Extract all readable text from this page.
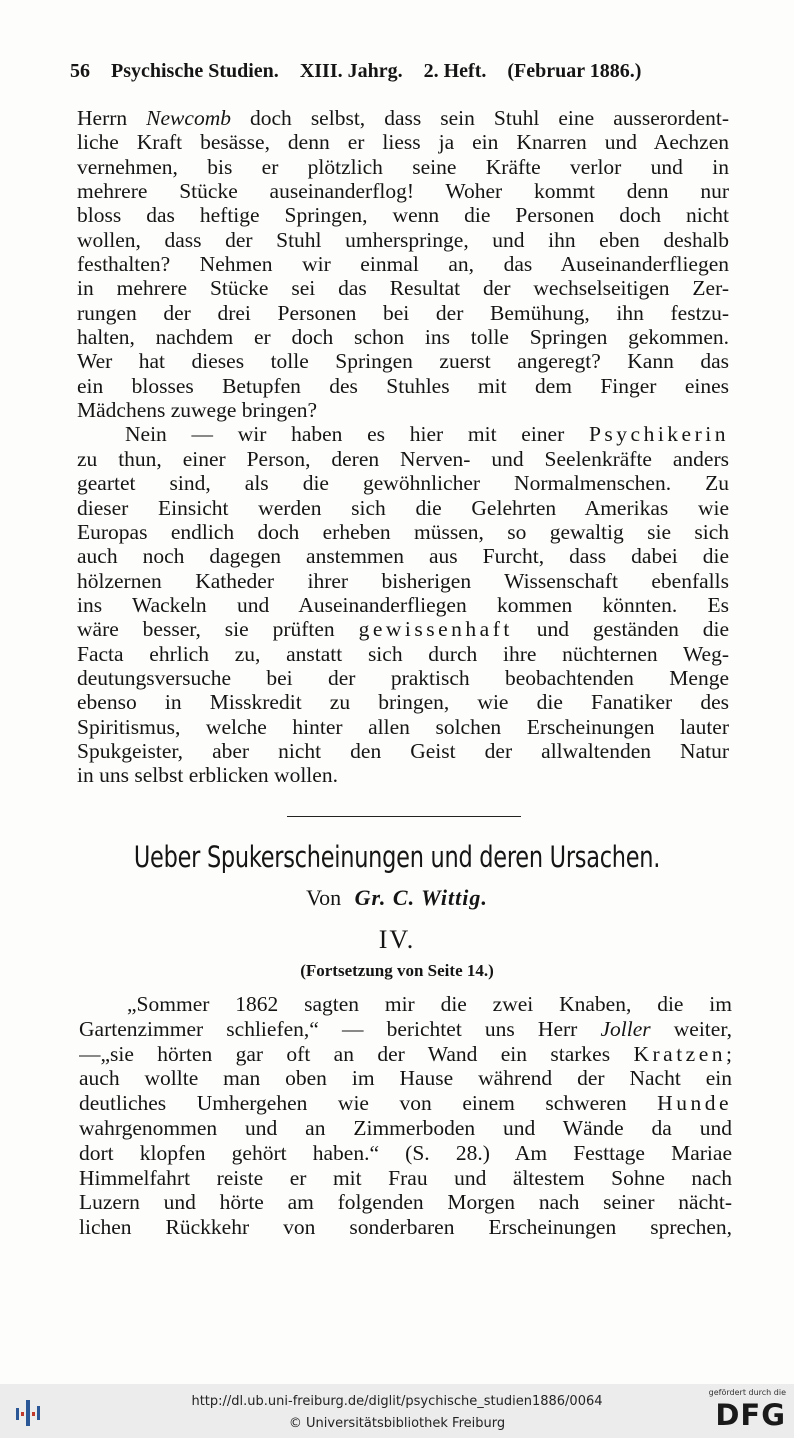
56 Psychische Studien. XIII. Jahrg. 2. Heft. (Februar 1886.)
Herrn Newcomb doch selbst, dass sein Stuhl eine ausserordent-
liche Kraft besässe, denn er liess ja ein Knarren und Aechzen
vernehmen, bis er plötzlich seine Kräfte verlor und in
mehrere Stücke auseinanderflog! Woher kommt denn nur
bloss das heftige Springen, wenn die Personen doch nicht
wollen, dass der Stuhl umherspringe, und ihn eben deshalb
festhalten? Nehmen wir einmal an, das Auseinanderfliegen
in mehrere Stücke sei das Resultat der wechselseitigen Zer-
rungen der drei Personen bei der Bemühung, ihn festzu-
halten, nachdem er doch schon ins tolle Springen gekommen.
Wer hat dieses tolle Springen zuerst angeregt? Kann das
ein blosses Betupfen des Stuhles mit dem Finger eines
Mädchens zuwege bringen?
Nein — wir haben es hier mit einer Psychikerin
zu thun, einer Person, deren Nerven- und Seelenkräfte anders
geartet sind, als die gewöhnlicher Normalmenschen. Zu
dieser Einsicht werden sich die Gelehrten Amerikas wie
Europas endlich doch erheben müssen, so gewaltig sie sich
auch noch dagegen anstemmen aus Furcht, dass dabei die
hölzernen Katheder ihrer bisherigen Wissenschaft ebenfalls
ins Wackeln und Auseinanderfliegen kommen könnten. Es
wäre besser, sie prüften gewissenhaft und geständen die
Facta ehrlich zu, anstatt sich durch ihre nüchternen Weg-
deutungsversuche bei der praktisch beobachtenden Menge
ebenso in Misskredit zu bringen, wie die Fanatiker des
Spiritismus, welche hinter allen solchen Erscheinungen lauter
Spukgeister, aber nicht den Geist der allwaltenden Natur
in uns selbst erblicken wollen.
Ueber Spukerscheinungen und deren Ursachen.
Von Gr. C. Wittig.
IV.
(Fortsetzung von Seite 14.)
„Sommer 1862 sagten mir die zwei Knaben, die im
Gartenzimmer schliefen,“ — berichtet uns Herr Joller weiter,
—„sie hörten gar oft an der Wand ein starkes Kratzen;
auch wollte man oben im Hause während der Nacht ein
deutliches Umhergehen wie von einem schweren Hunde
wahrgenommen und an Zimmerboden und Wände da und
dort klopfen gehört haben.“ (S. 28.) Am Festtage Mariae
Himmelfahrt reiste er mit Frau und ältestem Sohne nach
Luzern und hörte am folgenden Morgen nach seiner nächt-
lichen Rückkehr von sonderbaren Erscheinungen sprechen,
http://dl.ub.uni-freiburg.de/diglit/psychische_studien1886/0064
© Universitätsbibliothek Freiburg
gefördert durch die
DFG
